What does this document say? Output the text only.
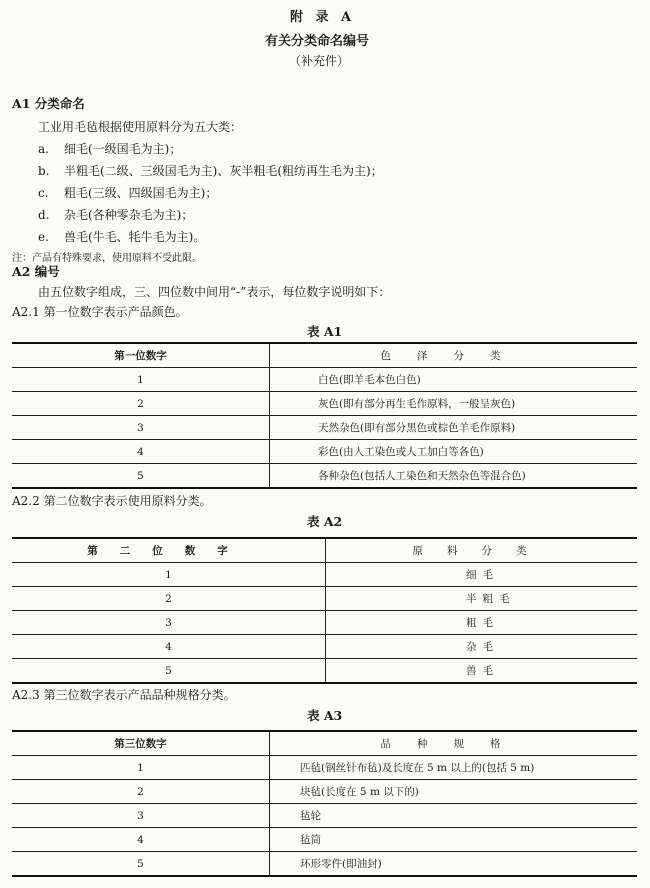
附 录 A
有关分类命名编号
（补充件）
A1 分类命名
工业用毛毡根据使用原料分为五大类：
a. 细毛(一级国毛为主)；
b. 半粗毛(二级、三级国毛为主)、灰半粗毛(粗纺再生毛为主)；
c. 粗毛(三级、四级国毛为主)；
d. 杂毛(各种零杂毛为主)；
e. 兽毛(牛毛、牦牛毛为主)。
注：产品有特殊要求，使用原料不受此限。
A2 编号
由五位数字组成，三、四位数中间用“-”表示，每位数字说明如下：
A2.1 第一位数字表示产品颜色。
表 A1
第一位数字	色泽分类
1	白色(即羊毛本色白色)
2	灰色(即有部分再生毛作原料，一般呈灰色)
3	天然杂色(即有部分黑色或棕色羊毛作原料)
4	彩色(由人工染色或人工加白等各色)
5	各种杂色(包括人工染色和天然杂色等混合色)
A2.2 第二位数字表示使用原料分类。
表 A2
第二位数字	原料分类
1	细毛
2	半粗毛
3	粗毛
4	杂毛
5	兽毛
A2.3 第三位数字表示产品品种规格分类。
表 A3
第三位数字	品种规格
1	匹毡(钢丝针布毡)及长度在 5 m 以上的(包括 5 m)
2	块毡(长度在 5 m 以下的)
3	毡轮
4	毡筒
5	环形零件(即油封)
